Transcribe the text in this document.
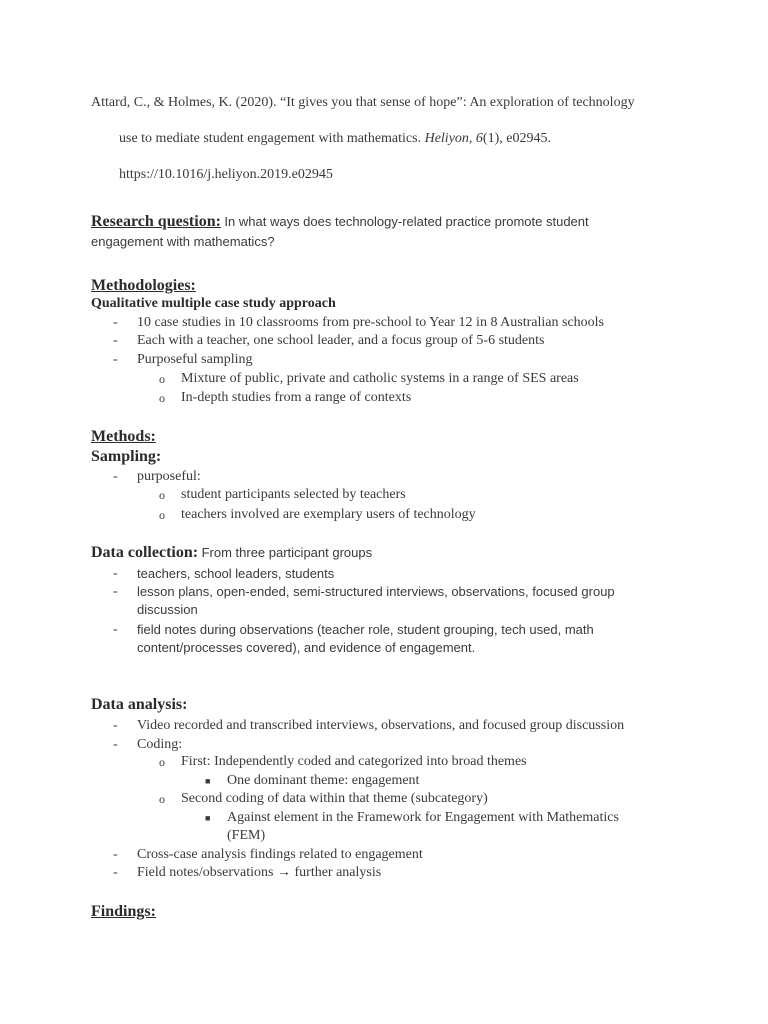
Attard, C., & Holmes, K. (2020). “It gives you that sense of hope”: An exploration of technology
use to mediate student engagement with mathematics. Heliyon, 6(1), e02945.
https://10.1016/j.heliyon.2019.e02945
Research question: In what ways does technology-related practice promote student
engagement with mathematics?
Methodologies:
Qualitative multiple case study approach
- 10 case studies in 10 classrooms from pre-school to Year 12 in 8 Australian schools
- Each with a teacher, one school leader, and a focus group of 5-6 students
- Purposeful sampling
o Mixture of public, private and catholic systems in a range of SES areas
o In-depth studies from a range of contexts
Methods:
Sampling:
- purposeful:
o student participants selected by teachers
o teachers involved are exemplary users of technology
Data collection: From three participant groups
- teachers, school leaders, students
- lesson plans, open-ended, semi-structured interviews, observations, focused group
discussion
- field notes during observations (teacher role, student grouping, tech used, math
content/processes covered), and evidence of engagement.
Data analysis:
- Video recorded and transcribed interviews, observations, and focused group discussion
- Coding:
o First: Independently coded and categorized into broad themes
■ One dominant theme: engagement
o Second coding of data within that theme (subcategory)
■ Against element in the Framework for Engagement with Mathematics
(FEM)
- Cross-case analysis findings related to engagement
- Field notes/observations → further analysis
Findings:
